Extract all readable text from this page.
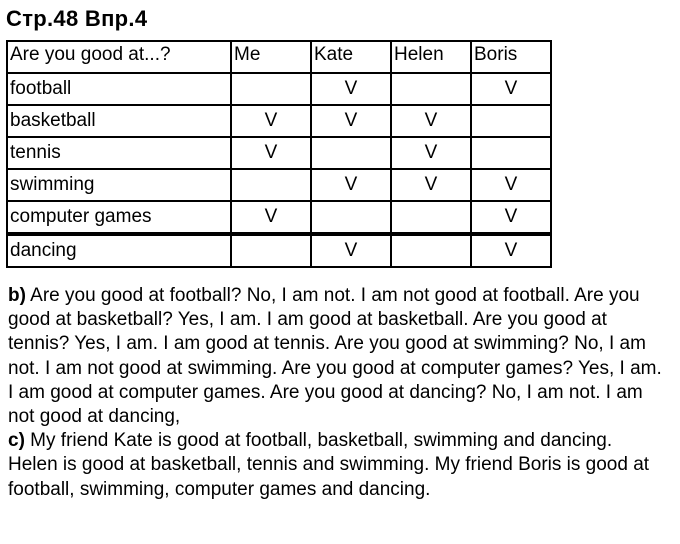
Стр.48 Впр.4
Are you good at...?	Me	Kate	Helen	Boris
football		V		V
basketball	V	V	V	
tennis	V		V	
swimming		V	V	V
computer games	V			V
dancing		V		V

b) Are you good at football? No, I am not. I am not good at football. Are you good at basketball? Yes, I am. I am good at basketball. Are you good at tennis? Yes, I am. I am good at tennis. Are you good at swimming? No, I am not. I am not good at swimming. Are you good at computer games? Yes, I am. I am good at computer games. Are you good at dancing? No, I am not. I am not good at dancing,

c) My friend Kate is good at football, basketball, swimming and dancing.

Helen is good at basketball, tennis and swimming. My friend Boris is good at football, swimming, computer games and dancing.
